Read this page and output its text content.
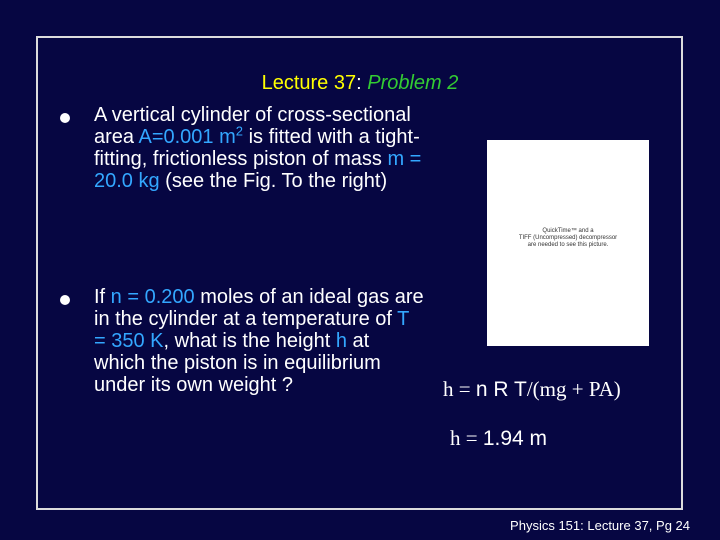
Lecture 37: Problem 2
A vertical cylinder of cross-sectional area A=0.001 $m^2$ is fitted with a tight-fitting, frictionless piston of mass m = 20.0 kg (see the Fig. To the right)
If n = 0.200 moles of an ideal gas are in the cylinder at a temperature of T = 350 K, what is the height h at which the piston is in equilibrium under its own weight ?
QuickTime™ and a
TIFF (Uncompressed) decompressor
are needed to see this picture.
h = n R T/(mg + PA)
h = 1.94 m
Physics 151: Lecture 37, Pg 24
